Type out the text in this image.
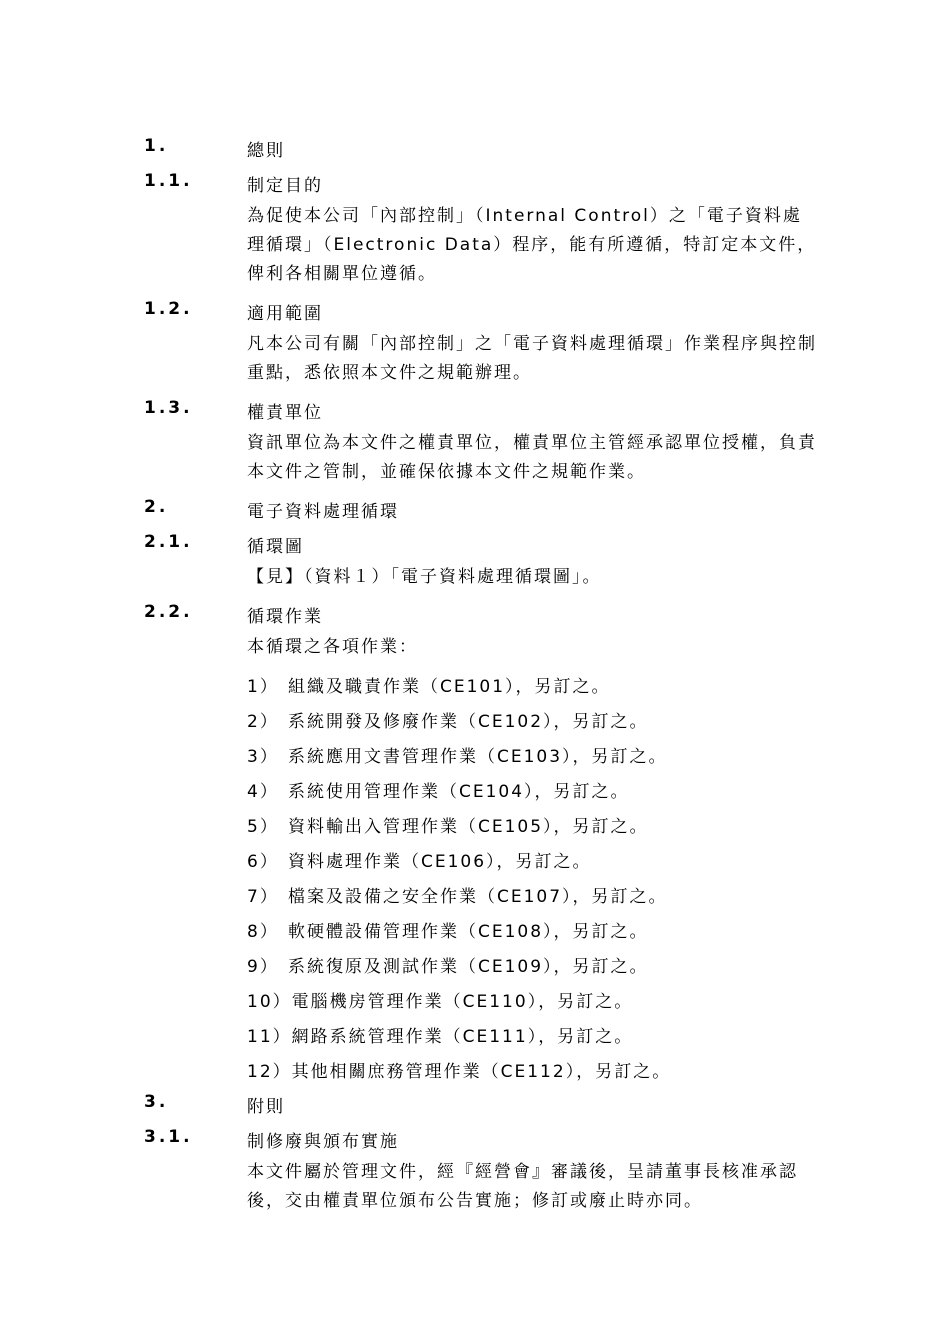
1.	總則
1.1.	制定目的

為促使本公司「內部控制」（Internal Control）之「電子資料處理循環」（Electronic Data）程序，能有所遵循，特訂定本文件，俾利各相關單位遵循。

1.2.	適用範圍

凡本公司有關「內部控制」之「電子資料處理循環」作業程序與控制重點，悉依照本文件之規範辦理。

1.3.	權責單位

資訊單位為本文件之權責單位，權責單位主管經承認單位授權，負責本文件之管制，並確保依據本文件之規範作業。

2.	電子資料處理循環
2.1.	循環圖

【見】（資料１）「電子資料處理循環圖」。

2.2.	循環作業

本循環之各項作業：

1） 組織及職責作業（CE101），另訂之。
2） 系統開發及修廢作業（CE102），另訂之。
3） 系統應用文書管理作業（CE103），另訂之。
4） 系統使用管理作業（CE104），另訂之。
5） 資料輸出入管理作業（CE105），另訂之。
6） 資料處理作業（CE106），另訂之。
7） 檔案及設備之安全作業（CE107），另訂之。
8） 軟硬體設備管理作業（CE108），另訂之。
9） 系統復原及測試作業（CE109），另訂之。
10）電腦機房管理作業（CE110），另訂之。
11）網路系統管理作業（CE111），另訂之。
12）其他相關庶務管理作業（CE112），另訂之。
3.	附則
3.1.	制修廢與頒布實施

本文件屬於管理文件，經『經營會』審議後，呈請董事長核准承認後，交由權責單位頒布公告實施；修訂或廢止時亦同。
